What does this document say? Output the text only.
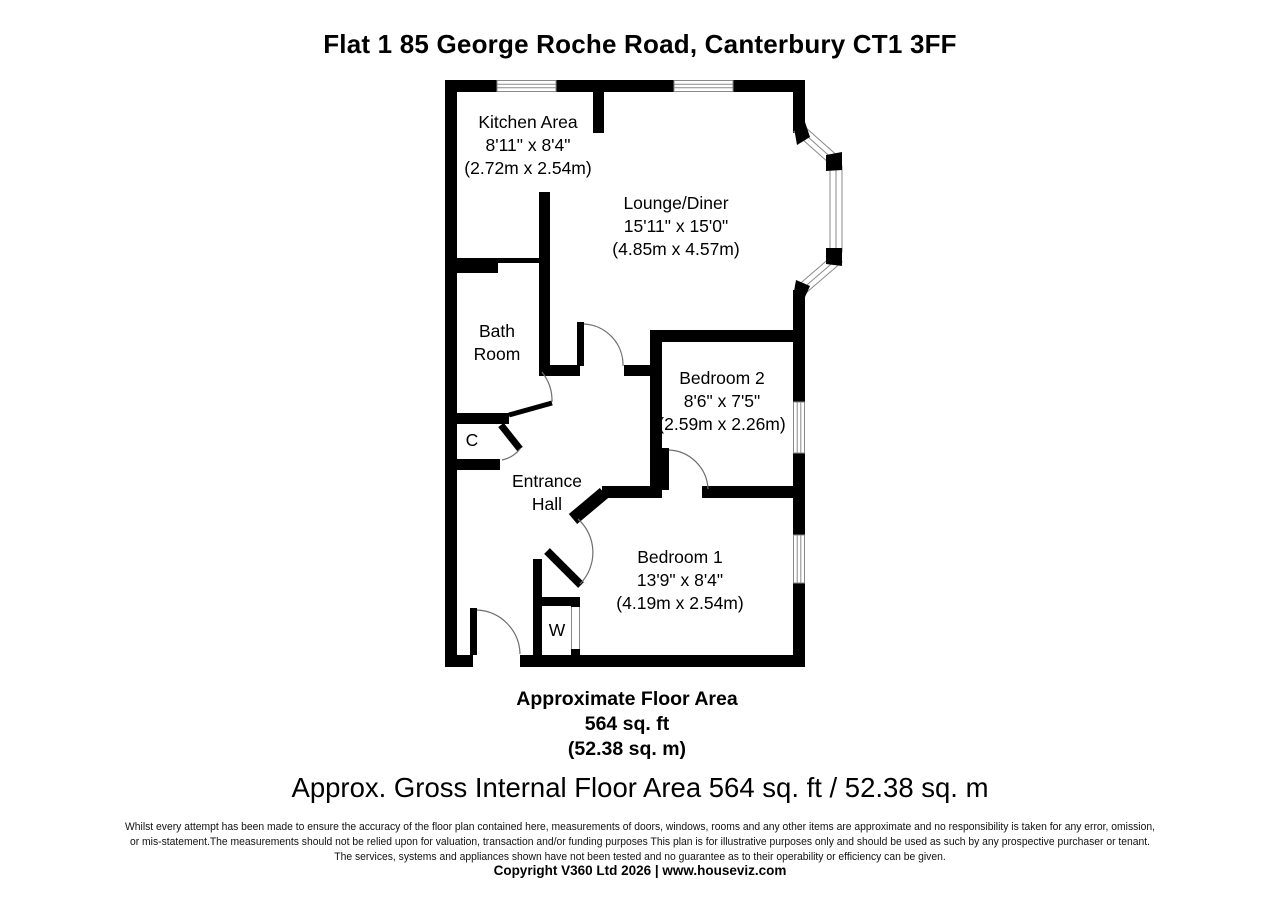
Flat 1 85 George Roche Road, Canterbury CT1 3FF
Kitchen Area
8'11" x 8'4"
(2.72m x 2.54m)
Lounge/Diner
15'11" x 15'0"
(4.85m x 4.57m)
Bath
Room
Bedroom 2
8'6" x 7'5"
(2.59m x 2.26m)
C
Entrance
Hall
Bedroom 1
13'9" x 8'4"
(4.19m x 2.54m)
W
Approximate Floor Area
564 sq. ft
(52.38 sq. m)
Approx. Gross Internal Floor Area 564 sq. ft / 52.38 sq. m
Whilst every attempt has been made to ensure the accuracy of the floor plan contained here, measurements of doors, windows, rooms and any other items are approximate and no responsibility is taken for any error, omission,
or mis-statement.The measurements should not be relied upon for valuation, transaction and/or funding purposes This plan is for illustrative purposes only and should be used as such by any prospective purchaser or tenant.
The services, systems and appliances shown have not been tested and no guarantee as to their operability or efficiency can be given.
Copyright V360 Ltd 2026 | www.houseviz.com
